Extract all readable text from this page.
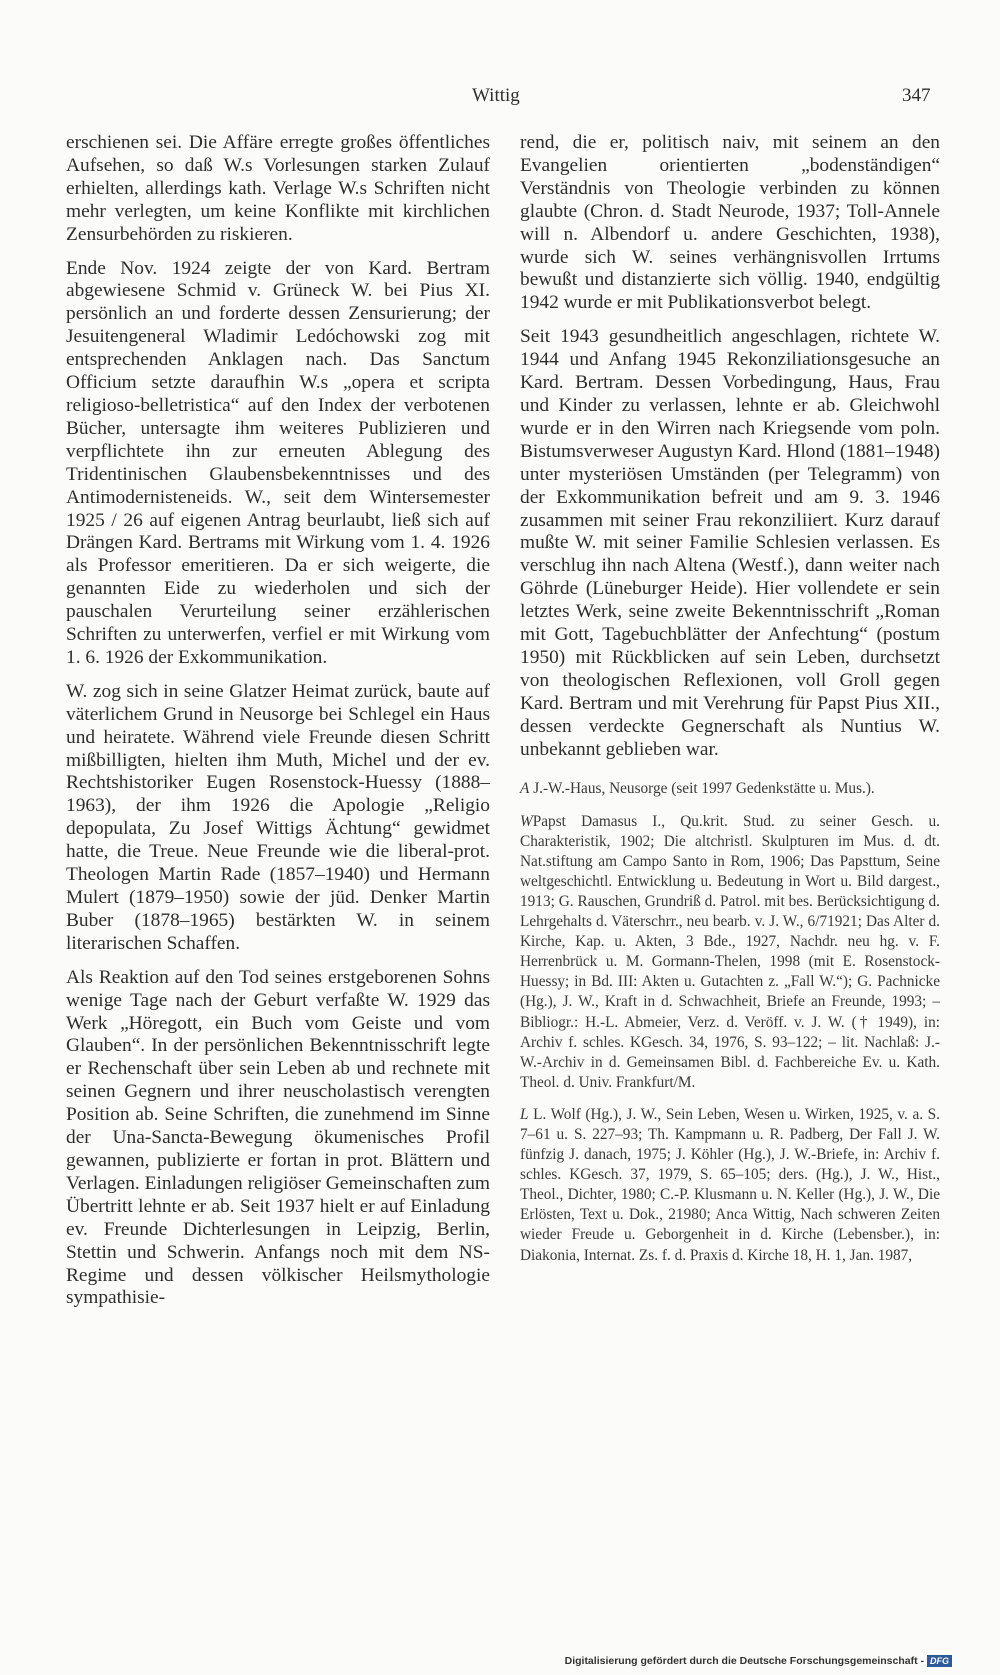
Wittig	347

erschienen sei. Die Affäre erregte großes öffentliches Aufsehen, so daß W.s Vorlesungen starken Zulauf erhielten, allerdings kath. Verlage W.s Schriften nicht mehr verlegten, um keine Konflikte mit kirchlichen Zensurbehörden zu riskieren.

Ende Nov. 1924 zeigte der von Kard. Bertram abgewiesene Schmid v. Grüneck W. bei Pius XI. persönlich an und forderte dessen Zensurierung; der Jesuitengeneral Wladimir Ledóchowski zog mit entsprechenden Anklagen nach. Das Sanctum Officium setzte daraufhin W.s „opera et scripta religioso-belletristica“ auf den Index der verbotenen Bücher, untersagte ihm weiteres Publizieren und verpflichtete ihn zur erneuten Ablegung des Tridentinischen Glaubensbekenntnisses und des Antimodernisteneids. W., seit dem Wintersemester 1925 / 26 auf eigenen Antrag beurlaubt, ließ sich auf Drängen Kard. Bertrams mit Wirkung vom 1. 4. 1926 als Professor emeritieren. Da er sich weigerte, die genannten Eide zu wiederholen und sich der pauschalen Verurteilung seiner erzählerischen Schriften zu unterwerfen, verfiel er mit Wirkung vom 1. 6. 1926 der Exkommunikation.

W. zog sich in seine Glatzer Heimat zurück, baute auf väterlichem Grund in Neusorge bei Schlegel ein Haus und heiratete. Während viele Freunde diesen Schritt mißbilligten, hielten ihm Muth, Michel und der ev. Rechtshistoriker Eugen Rosenstock-Huessy (1888–1963), der ihm 1926 die Apologie „Religio depopulata, Zu Josef Wittigs Ächtung“ gewidmet hatte, die Treue. Neue Freunde wie die liberal-prot. Theologen Martin Rade (1857–1940) und Hermann Mulert (1879–1950) sowie der jüd. Denker Martin Buber (1878–1965) bestärkten W. in seinem literarischen Schaffen.

Als Reaktion auf den Tod seines erstgeborenen Sohns wenige Tage nach der Geburt verfaßte W. 1929 das Werk „Höregott, ein Buch vom Geiste und vom Glauben“. In der persönlichen Bekenntnisschrift legte er Rechenschaft über sein Leben ab und rechnete mit seinen Gegnern und ihrer neuscholastisch verengten Position ab. Seine Schriften, die zunehmend im Sinne der Una-Sancta-Bewegung ökumenisches Profil gewannen, publizierte er fortan in prot. Blättern und Verlagen. Einladungen religiöser Gemeinschaften zum Übertritt lehnte er ab. Seit 1937 hielt er auf Einladung ev. Freunde Dichterlesungen in Leipzig, Berlin, Stettin und Schwerin. Anfangs noch mit dem NS-Regime und dessen völkischer Heilsmythologie sympathisie-

rend, die er, politisch naiv, mit seinem an den Evangelien orientierten „bodenständigen“ Verständnis von Theologie verbinden zu können glaubte (Chron. d. Stadt Neurode, 1937; Toll-Annele will n. Albendorf u. andere Geschichten, 1938), wurde sich W. seines verhängnisvollen Irrtums bewußt und distanzierte sich völlig. 1940, endgültig 1942 wurde er mit Publikationsverbot belegt.

Seit 1943 gesundheitlich angeschlagen, richtete W. 1944 und Anfang 1945 Rekonziliationsgesuche an Kard. Bertram. Dessen Vorbedingung, Haus, Frau und Kinder zu verlassen, lehnte er ab. Gleichwohl wurde er in den Wirren nach Kriegsende vom poln. Bistumsverweser Augustyn Kard. Hlond (1881–1948) unter mysteriösen Umständen (per Telegramm) von der Exkommunikation befreit und am 9. 3. 1946 zusammen mit seiner Frau rekonziliiert. Kurz darauf mußte W. mit seiner Familie Schlesien verlassen. Es verschlug ihn nach Altena (Westf.), dann weiter nach Göhrde (Lüneburger Heide). Hier vollendete er sein letztes Werk, seine zweite Bekenntnisschrift „Roman mit Gott, Tagebuchblätter der Anfechtung“ (postum 1950) mit Rückblicken auf sein Leben, durchsetzt von theologischen Reflexionen, voll Groll gegen Kard. Bertram und mit Verehrung für Papst Pius XII., dessen verdeckte Gegnerschaft als Nuntius W. unbekannt geblieben war.

A J.-W.-Haus, Neusorge (seit 1997 Gedenkstätte u. Mus.).

WPapst Damasus I., Qu.krit. Stud. zu seiner Gesch. u. Charakteristik, 1902; Die altchristl. Skulpturen im Mus. d. dt. Nat.stiftung am Campo Santo in Rom, 1906; Das Papsttum, Seine weltgeschichtl. Entwicklung u. Bedeutung in Wort u. Bild dargest., 1913; G. Rauschen, Grundriß d. Patrol. mit bes. Berücksichtigung d. Lehrgehalts d. Väterschrr., neu bearb. v. J. W., 6/71921; Das Alter d. Kirche, Kap. u. Akten, 3 Bde., 1927, Nachdr. neu hg. v. F. Herrenbrück u. M. Gormann-Thelen, 1998 (mit E. Rosenstock-Huessy; in Bd. III: Akten u. Gutachten z. „Fall W.“); G. Pachnicke (Hg.), J. W., Kraft in d. Schwachheit, Briefe an Freunde, 1993; – Bibliogr.: H.-L. Abmeier, Verz. d. Veröff. v. J. W. († 1949), in: Archiv f. schles. KGesch. 34, 1976, S. 93–122; – lit. Nachlaß: J.-W.-Archiv in d. Gemeinsamen Bibl. d. Fachbereiche Ev. u. Kath. Theol. d. Univ. Frankfurt/M.

L L. Wolf (Hg.), J. W., Sein Leben, Wesen u. Wirken, 1925, v. a. S. 7–61 u. S. 227–93; Th. Kampmann u. R. Padberg, Der Fall J. W. fünfzig J. danach, 1975; J. Köhler (Hg.), J. W.-Briefe, in: Archiv f. schles. KGesch. 37, 1979, S. 65–105; ders. (Hg.), J. W., Hist., Theol., Dichter, 1980; C.-P. Klusmann u. N. Keller (Hg.), J. W., Die Erlösten, Text u. Dok., 21980; Anca Wittig, Nach schweren Zeiten wieder Freude u. Geborgenheit in d. Kirche (Lebensber.), in: Diakonia, Internat. Zs. f. d. Praxis d. Kirche 18, H. 1, Jan. 1987,

Digitalisierung gefördert durch die Deutsche Forschungsgemeinschaft - DFG
